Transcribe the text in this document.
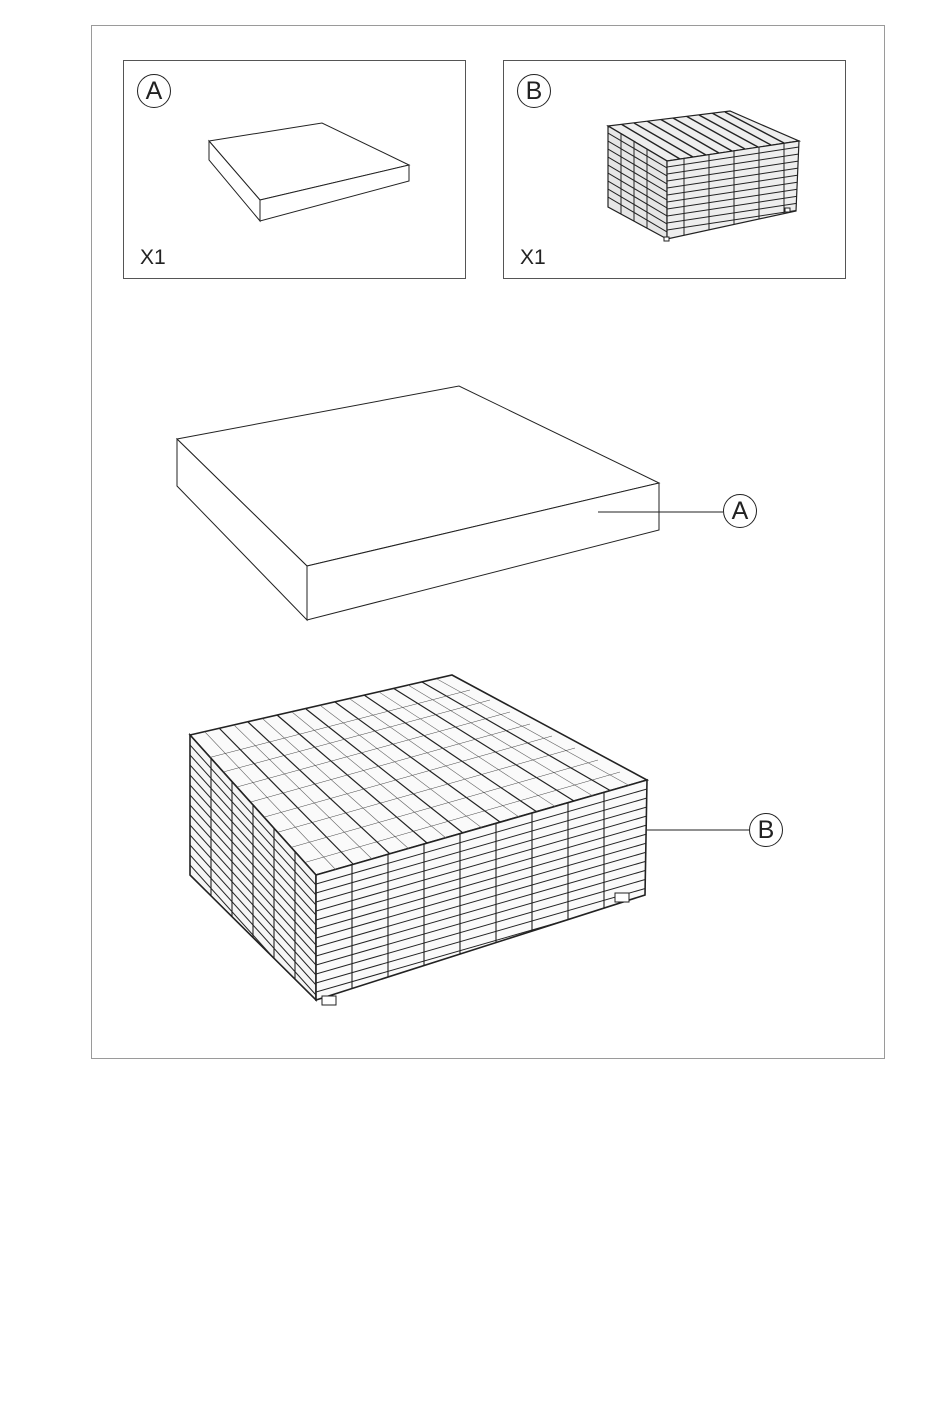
A
X1
B
X1
A
B
